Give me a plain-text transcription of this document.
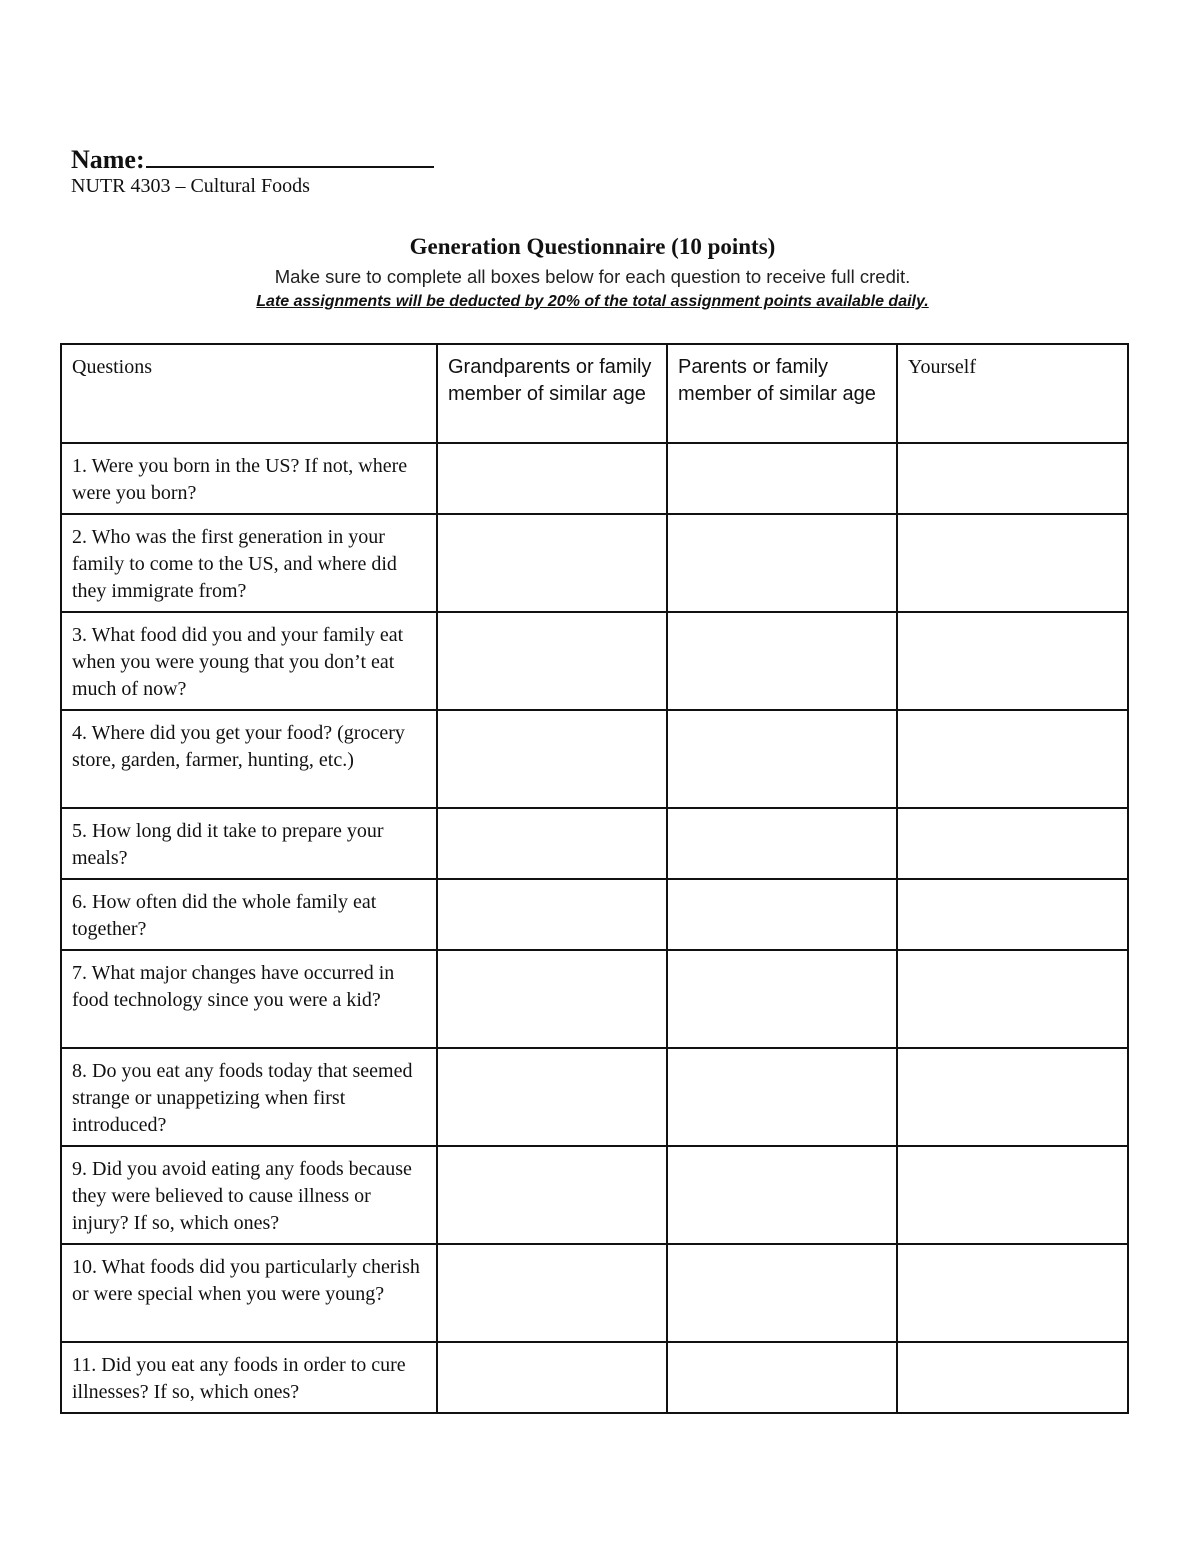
Name:
NUTR 4303 – Cultural Foods
Generation Questionnaire (10 points)
Make sure to complete all boxes below for each question to receive full credit.
Late assignments will be deducted by 20% of the total assignment points available daily.
Questions	Grandparents or family member of similar age	Parents or family member of similar age	Yourself
1. Were you born in the US? If not, where were you born?			
2. Who was the first generation in your family to come to the US, and where did they immigrate from?			
3. What food did you and your family eat when you were young that you don’t eat much of now?			
4. Where did you get your food? (grocery store, garden, farmer, hunting, etc.)			
5. How long did it take to prepare your meals?			
6. How often did the whole family eat together?			
7. What major changes have occurred in food technology since you were a kid?			
8. Do you eat any foods today that seemed strange or unappetizing when first introduced?			
9. Did you avoid eating any foods because they were believed to cause illness or injury? If so, which ones?			
10. What foods did you particularly cherish or were special when you were young?			
11. Did you eat any foods in order to cure illnesses? If so, which ones?			
